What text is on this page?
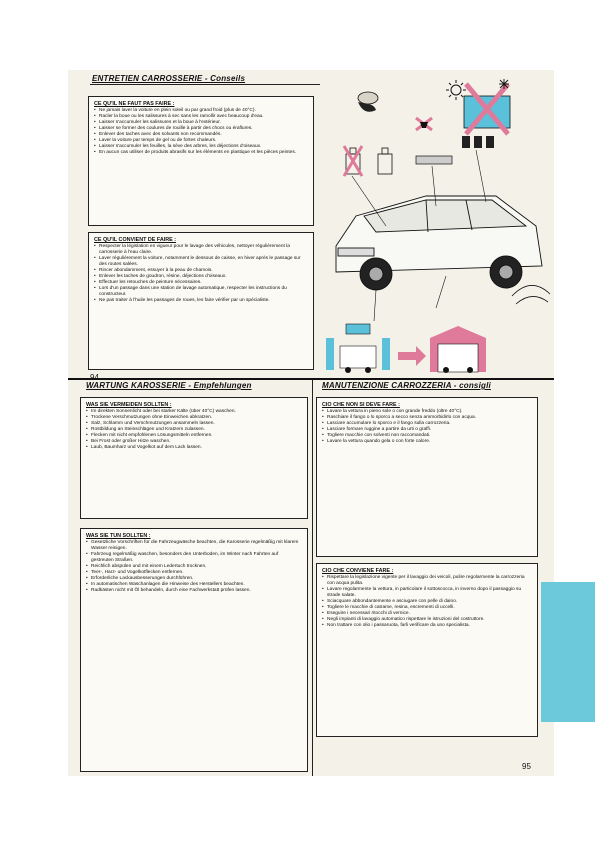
ENTRETIEN CARROSSERIE - Conseils
CE QU'IL NE FAUT PAS FAIRE :
• Ne jamais laver la voiture en plein soleil ou par grand froid (plus de 40°C).
• Racler la boue ou les salissures à sec sans les ramollir avec beaucoup d'eau.
• Laisser s'accumuler les salissures et la boue à l'extérieur.
• Laisser se former des coulures de rouille à partir des chocs ou éraflures.
• Enlever des taches avec des solvants non recommandés.
• Laver la voiture par temps de gel ou de fortes chaleurs.
• Laisser s'accumuler les feuilles, la sève des arbres, les déjections d'oiseaux.
• En aucun cas utiliser de produits abrasifs sur les éléments en plastique et les pièces peintes.
CE QU'IL CONVIENT DE FAIRE :
• Respecter la législation en vigueur pour le lavage des véhicules, nettoyer régulièrement la carrosserie à l'eau claire.
• Laver régulièrement la voiture, notamment le dessous de caisse, en hiver après le passage sur des routes salées.
• Rincer abondamment, essuyer à la peau de chamois.
• Enlever les taches de goudron, résine, déjections d'oiseaux.
• Effectuer les retouches de peinture nécessaires.
• Lors d'un passage dans une station de lavage automatique, respecter les instructions du constructeur.
• Ne pas traiter à l'huile les passages de roues, les faire vérifier par un spécialiste.
94
WARTUNG KAROSSERIE - Empfehlungen
WAS SIE VERMEIDEN SOLLTEN :
• Im direkten Sonnenlicht oder bei starker Kälte (über 40°C) waschen.
• Trockene Verschmutzungen ohne Einweichen abkratzen.
• Salz, Schlamm und Verschmutzungen ansammeln lassen.
• Rostbildung an Steinschlägen und Kratzern zulassen.
• Flecken mit nicht empfohlenen Lösungsmitteln entfernen.
• Bei Frost oder großer Hitze waschen.
• Laub, Baumharz und Vogelkot auf dem Lack lassen.
WAS SIE TUN SOLLTEN :
• Gesetzliche Vorschriften für die Fahrzeugwäsche beachten, die Karosserie regelmäßig mit klarem Wasser reinigen.
• Fahrzeug regelmäßig waschen, besonders den Unterboden, im Winter nach Fahrten auf gestreuten Straßen.
• Reichlich abspülen und mit einem Ledertuch trocknen.
• Teer-, Harz- und Vogelkotflecken entfernen.
• Erforderliche Lackausbesserungen durchführen.
• In automatischen Waschanlagen die Hinweise des Herstellers beachten.
• Radkästen nicht mit Öl behandeln, durch eine Fachwerkstatt prüfen lassen.
MANUTENZIONE CARROZZERIA - consigli
CIÒ CHE NON SI DEVE FARE :
• Lavare la vettura in pieno sole o con grande freddo (oltre 40°C).
• Raschiare il fango o lo sporco a secco senza ammorbidirlo con acqua.
• Lasciare accumulare lo sporco e il fango sulla carrozzeria.
• Lasciare formare ruggine a partire da urti o graffi.
• Togliere macchie con solventi non raccomandati.
• Lavare la vettura quando gela o con forte calore.
CIÒ CHE CONVIENE FARE :
• Rispettare la legislazione vigente per il lavaggio dei veicoli, pulire regolarmente la carrozzeria con acqua pulita.
• Lavare regolarmente la vettura, in particolare il sottoscocca, in inverno dopo il passaggio su strade salate.
• Sciacquare abbondantemente e asciugare con pelle di daino.
• Togliere le macchie di catrame, resina, escrementi di uccelli.
• Eseguire i necessari ritocchi di vernice.
• Negli impianti di lavaggio automatico rispettare le istruzioni del costruttore.
• Non trattare con olio i passaruota, farli verificare da uno specialista.
95
